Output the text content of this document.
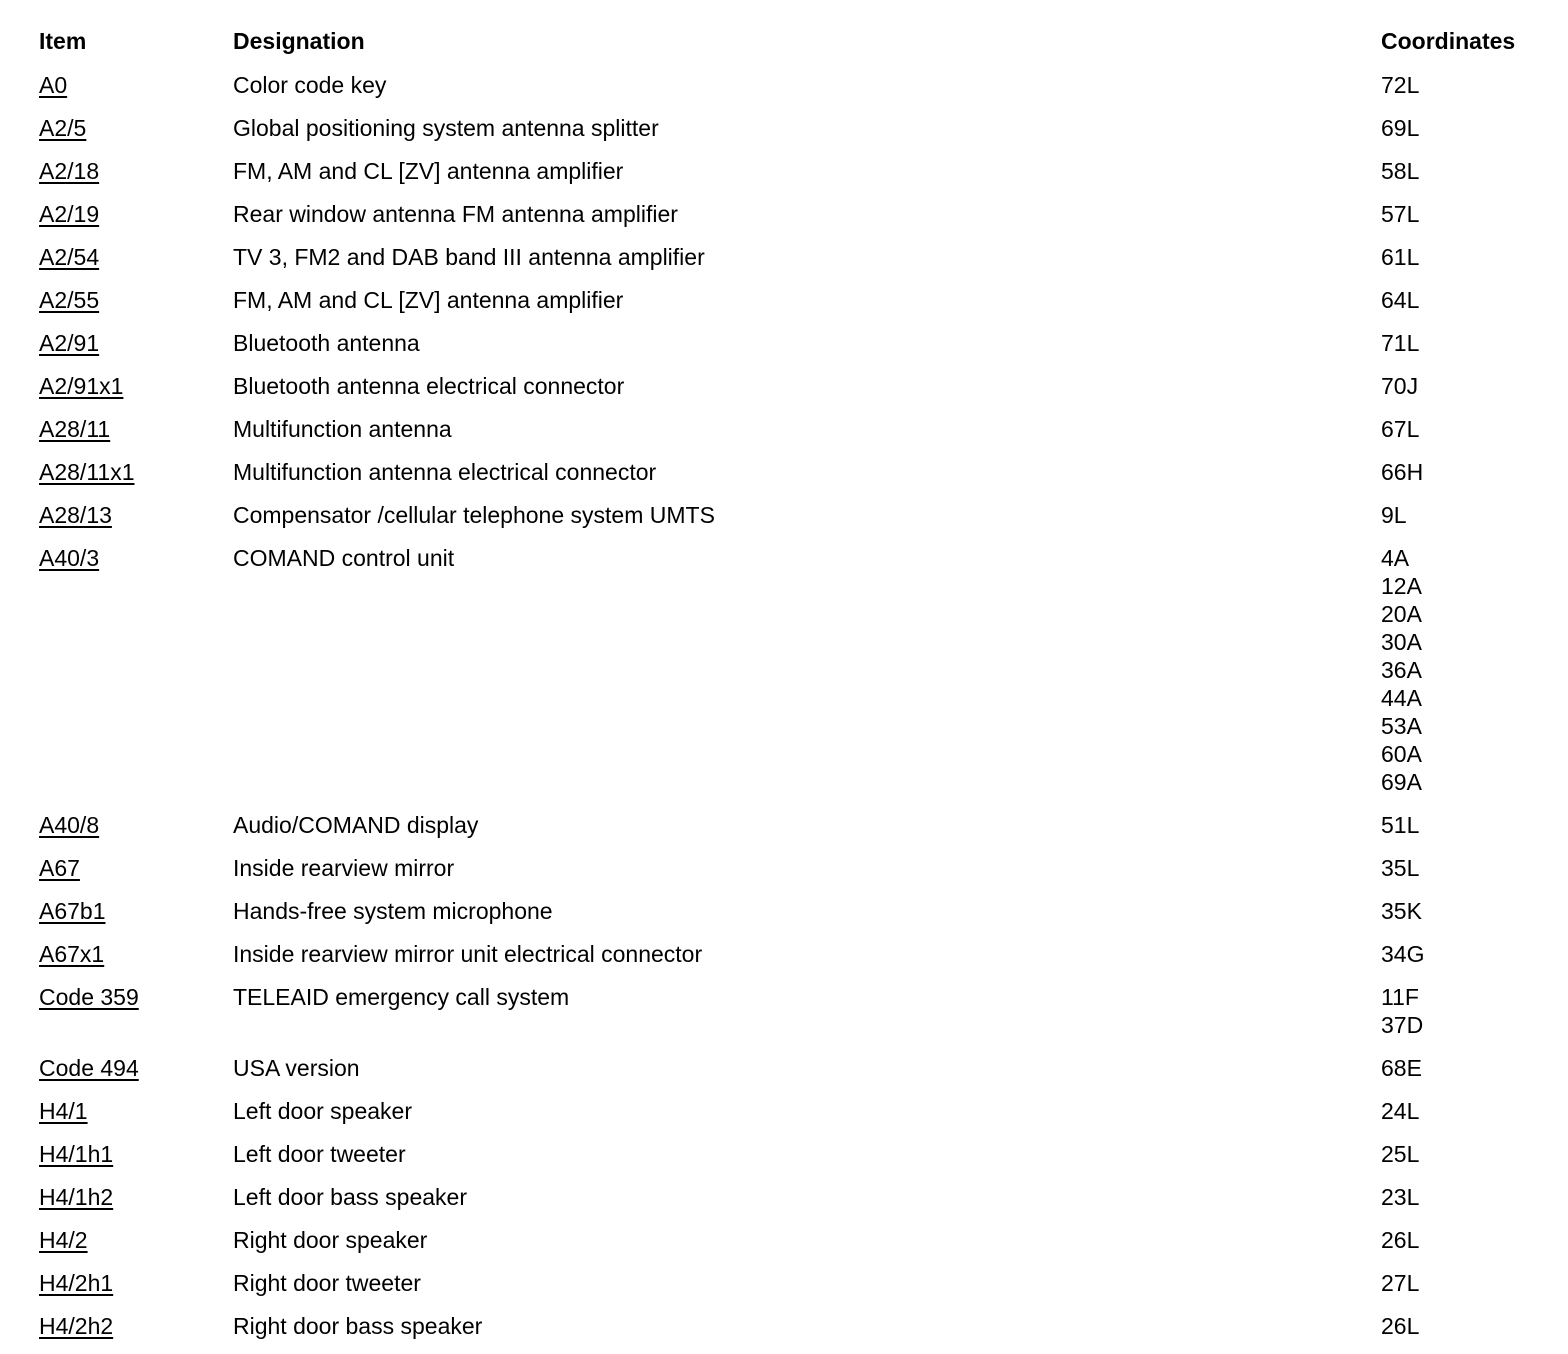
Item	Designation	Coordinates
A0	Color code key	72L
A2/5	Global positioning system antenna splitter	69L
A2/18	FM, AM and CL [ZV] antenna amplifier	58L
A2/19	Rear window antenna FM antenna amplifier	57L
A2/54	TV 3, FM2 and DAB band III antenna amplifier	61L
A2/55	FM, AM and CL [ZV] antenna amplifier	64L
A2/91	Bluetooth antenna	71L
A2/91x1	Bluetooth antenna electrical connector	70J
A28/11	Multifunction antenna	67L
A28/11x1	Multifunction antenna electrical connector	66H
A28/13	Compensator /cellular telephone system UMTS	9L
A40/3	COMAND control unit	4A
12A
20A
30A
36A
44A
53A
60A
69A
A40/8	Audio/COMAND display	51L
A67	Inside rearview mirror	35L
A67b1	Hands-free system microphone	35K
A67x1	Inside rearview mirror unit electrical connector	34G
Code 359	TELEAID emergency call system	11F
37D
Code 494	USA version	68E
H4/1	Left door speaker	24L
H4/1h1	Left door tweeter	25L
H4/1h2	Left door bass speaker	23L
H4/2	Right door speaker	26L
H4/2h1	Right door tweeter	27L
H4/2h2	Right door bass speaker	26L
